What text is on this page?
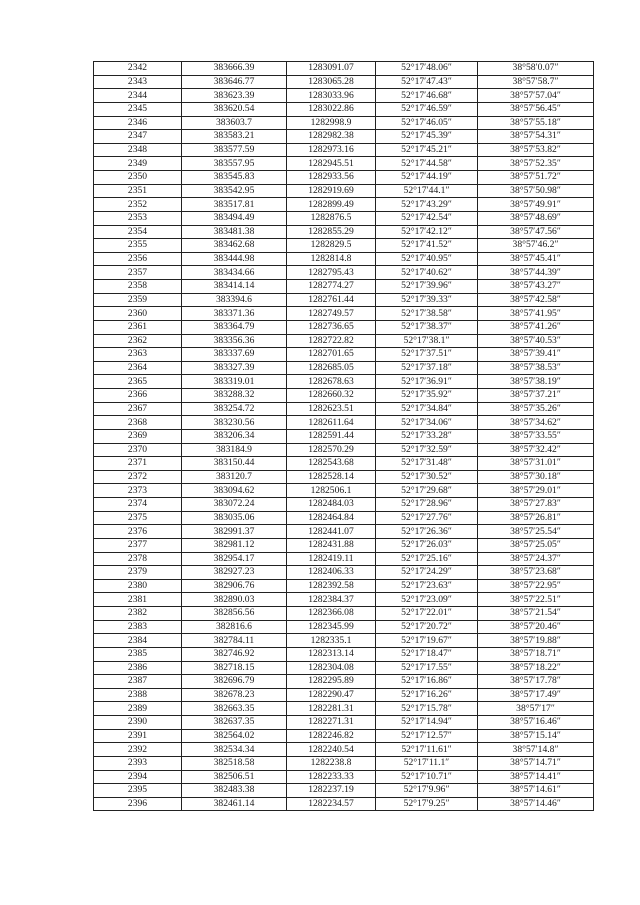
2342	383666.39	1283091.07	52°17′48.06″	38°58′0.07″
2343	383646.77	1283065.28	52°17′47.43″	38°57′58.7″
2344	383623.39	1283033.96	52°17′46.68″	38°57′57.04″
2345	383620.54	1283022.86	52°17′46.59″	38°57′56.45″
2346	383603.7	1282998.9	52°17′46.05″	38°57′55.18″
2347	383583.21	1282982.38	52°17′45.39″	38°57′54.31″
2348	383577.59	1282973.16	52°17′45.21″	38°57′53.82″
2349	383557.95	1282945.51	52°17′44.58″	38°57′52.35″
2350	383545.83	1282933.56	52°17′44.19″	38°57′51.72″
2351	383542.95	1282919.69	52°17′44.1″	38°57′50.98″
2352	383517.81	1282899.49	52°17′43.29″	38°57′49.91″
2353	383494.49	1282876.5	52°17′42.54″	38°57′48.69″
2354	383481.38	1282855.29	52°17′42.12″	38°57′47.56″
2355	383462.68	1282829.5	52°17′41.52″	38°57′46.2″
2356	383444.98	1282814.8	52°17′40.95″	38°57′45.41″
2357	383434.66	1282795.43	52°17′40.62″	38°57′44.39″
2358	383414.14	1282774.27	52°17′39.96″	38°57′43.27″
2359	383394.6	1282761.44	52°17′39.33″	38°57′42.58″
2360	383371.36	1282749.57	52°17′38.58″	38°57′41.95″
2361	383364.79	1282736.65	52°17′38.37″	38°57′41.26″
2362	383356.36	1282722.82	52°17′38.1″	38°57′40.53″
2363	383337.69	1282701.65	52°17′37.51″	38°57′39.41″
2364	383327.39	1282685.05	52°17′37.18″	38°57′38.53″
2365	383319.01	1282678.63	52°17′36.91″	38°57′38.19″
2366	383288.32	1282660.32	52°17′35.92″	38°57′37.21″
2367	383254.72	1282623.51	52°17′34.84″	38°57′35.26″
2368	383230.56	1282611.64	52°17′34.06″	38°57′34.62″
2369	383206.34	1282591.44	52°17′33.28″	38°57′33.55″
2370	383184.9	1282570.29	52°17′32.59″	38°57′32.42″
2371	383150.44	1282543.68	52°17′31.48″	38°57′31.01″
2372	383120.7	1282528.14	52°17′30.52″	38°57′30.18″
2373	383094.62	1282506.1	52°17′29.68″	38°57′29.01″
2374	383072.24	1282484.03	52°17′28.96″	38°57′27.83″
2375	383035.06	1282464.84	52°17′27.76″	38°57′26.81″
2376	382991.37	1282441.07	52°17′26.36″	38°57′25.54″
2377	382981.12	1282431.88	52°17′26.03″	38°57′25.05″
2378	382954.17	1282419.11	52°17′25.16″	38°57′24.37″
2379	382927.23	1282406.33	52°17′24.29″	38°57′23.68″
2380	382906.76	1282392.58	52°17′23.63″	38°57′22.95″
2381	382890.03	1282384.37	52°17′23.09″	38°57′22.51″
2382	382856.56	1282366.08	52°17′22.01″	38°57′21.54″
2383	382816.6	1282345.99	52°17′20.72″	38°57′20.46″
2384	382784.11	1282335.1	52°17′19.67″	38°57′19.88″
2385	382746.92	1282313.14	52°17′18.47″	38°57′18.71″
2386	382718.15	1282304.08	52°17′17.55″	38°57′18.22″
2387	382696.79	1282295.89	52°17′16.86″	38°57′17.78″
2388	382678.23	1282290.47	52°17′16.26″	38°57′17.49″
2389	382663.35	1282281.31	52°17′15.78″	38°57′17″
2390	382637.35	1282271.31	52°17′14.94″	38°57′16.46″
2391	382564.02	1282246.82	52°17′12.57″	38°57′15.14″
2392	382534.34	1282240.54	52°17′11.61″	38°57′14.8″
2393	382518.58	1282238.8	52°17′11.1″	38°57′14.71″
2394	382506.51	1282233.33	52°17′10.71″	38°57′14.41″
2395	382483.38	1282237.19	52°17′9.96″	38°57′14.61″
2396	382461.14	1282234.57	52°17′9.25″	38°57′14.46″
